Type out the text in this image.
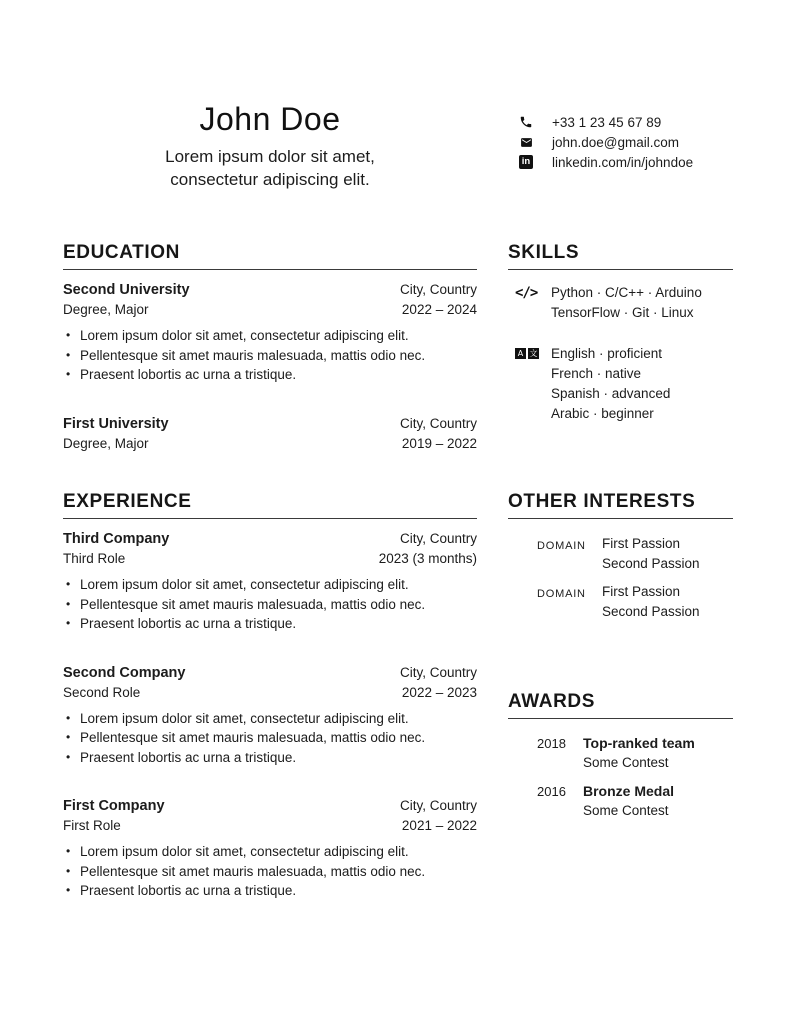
John Doe
Lorem ipsum dolor sit amet,
consectetur adipiscing elit.
+33 1 23 45 67 89
john.doe@gmail.com
in linkedin.com/in/johndoe
EDUCATION
Second University	City, Country
Degree, Major	2022 – 2024
• Lorem ipsum dolor sit amet, consectetur adipiscing elit.
• Pellentesque sit amet mauris malesuada, mattis odio nec.
• Praesent lobortis ac urna a tristique.
First University	City, Country
Degree, Major	2019 – 2022
EXPERIENCE
Third Company	City, Country
Third Role	2023 (3 months)
• Lorem ipsum dolor sit amet, consectetur adipiscing elit.
• Pellentesque sit amet mauris malesuada, mattis odio nec.
• Praesent lobortis ac urna a tristique.
Second Company	City, Country
Second Role	2022 – 2023
• Lorem ipsum dolor sit amet, consectetur adipiscing elit.
• Pellentesque sit amet mauris malesuada, mattis odio nec.
• Praesent lobortis ac urna a tristique.
First Company	City, Country
First Role	2021 – 2022
• Lorem ipsum dolor sit amet, consectetur adipiscing elit.
• Pellentesque sit amet mauris malesuada, mattis odio nec.
• Praesent lobortis ac urna a tristique.
SKILLS
</> Python · C/C++ · Arduino
TensorFlow · Git · Linux
A 文 English · proficient
French · native
Spanish · advanced
Arabic · beginner
OTHER INTERESTS
DOMAIN	First Passion
Second Passion
DOMAIN	First Passion
Second Passion
AWARDS
2018	Top-ranked team
Some Contest
2016	Bronze Medal
Some Contest
